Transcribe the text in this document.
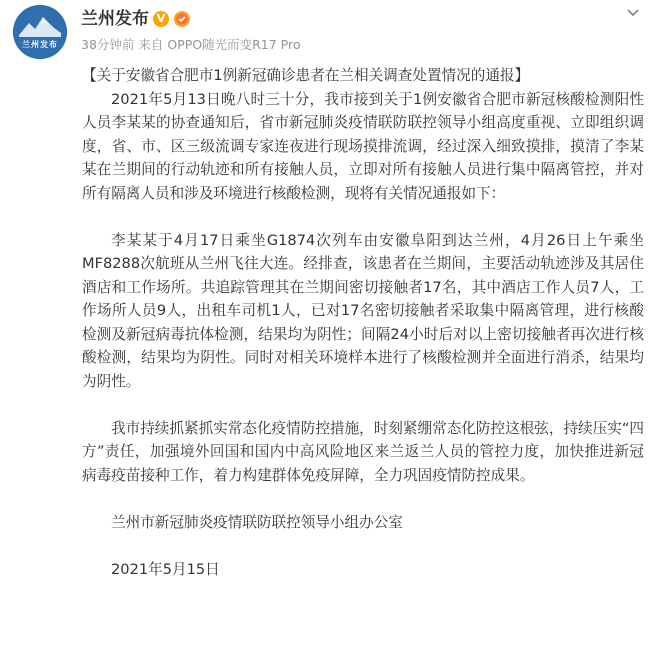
兰州发布
兰州发布 V
38分钟前 来自 OPPO随光而变R17 Pro

【关于安徽省合肥市1例新冠确诊患者在兰相关调查处置情况的通报】

2021年5月13日晚八时三十分，我市接到关于1例安徽省合肥市新冠核酸检测阳性人员李某某的协查通知后，省市新冠肺炎疫情联防联控领导小组高度重视、立即组织调度，省、市、区三级流调专家连夜进行现场摸排流调，经过深入细致摸排，摸清了李某某在兰期间的行动轨迹和所有接触人员，立即对所有接触人员进行集中隔离管控，并对所有隔离人员和涉及环境进行核酸检测，现将有关情况通报如下：

李某某于4月17日乘坐G1874次列车由安徽阜阳到达兰州，4月26日上午乘坐MF8288次航班从兰州飞往大连。经排查，该患者在兰期间，主要活动轨迹涉及其居住酒店和工作场所。共追踪管理其在兰期间密切接触者17名，其中酒店工作人员7人，工作场所人员9人，出租车司机1人，已对17名密切接触者采取集中隔离管理，进行核酸检测及新冠病毒抗体检测，结果均为阴性；间隔24小时后对以上密切接触者再次进行核酸检测，结果均为阴性。同时对相关环境样本进行了核酸检测并全面进行消杀，结果均为阴性。

我市持续抓紧抓实常态化疫情防控措施，时刻紧绷常态化防控这根弦，持续压实“四方”责任，加强境外回国和国内中高风险地区来兰返兰人员的管控力度，加快推进新冠病毒疫苗接种工作，着力构建群体免疫屏障，全力巩固疫情防控成果。

兰州市新冠肺炎疫情联防联控领导小组办公室

2021年5月15日
